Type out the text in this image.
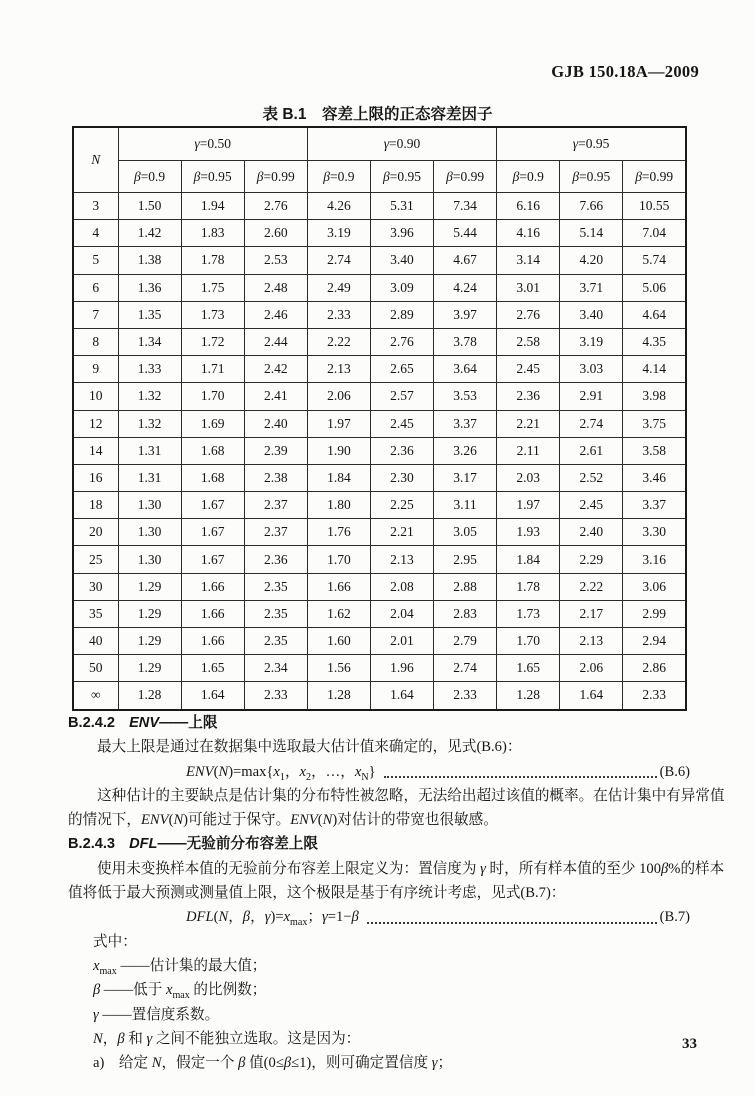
GJB 150.18A—2009
表 B.1　容差上限的正态容差因子
N	γ=0.50			γ=0.90			γ=0.95		
	β=0.9	β=0.95	β=0.99	β=0.9	β=0.95	β=0.99	β=0.9	β=0.95	β=0.99
3	1.50	1.94	2.76	4.26	5.31	7.34	6.16	7.66	10.55
4	1.42	1.83	2.60	3.19	3.96	5.44	4.16	5.14	7.04
5	1.38	1.78	2.53	2.74	3.40	4.67	3.14	4.20	5.74
6	1.36	1.75	2.48	2.49	3.09	4.24	3.01	3.71	5.06
7	1.35	1.73	2.46	2.33	2.89	3.97	2.76	3.40	4.64
8	1.34	1.72	2.44	2.22	2.76	3.78	2.58	3.19	4.35
9	1.33	1.71	2.42	2.13	2.65	3.64	2.45	3.03	4.14
10	1.32	1.70	2.41	2.06	2.57	3.53	2.36	2.91	3.98
12	1.32	1.69	2.40	1.97	2.45	3.37	2.21	2.74	3.75
14	1.31	1.68	2.39	1.90	2.36	3.26	2.11	2.61	3.58
16	1.31	1.68	2.38	1.84	2.30	3.17	2.03	2.52	3.46
18	1.30	1.67	2.37	1.80	2.25	3.11	1.97	2.45	3.37
20	1.30	1.67	2.37	1.76	2.21	3.05	1.93	2.40	3.30
25	1.30	1.67	2.36	1.70	2.13	2.95	1.84	2.29	3.16
30	1.29	1.66	2.35	1.66	2.08	2.88	1.78	2.22	3.06
35	1.29	1.66	2.35	1.62	2.04	2.83	1.73	2.17	2.99
40	1.29	1.66	2.35	1.60	2.01	2.79	1.70	2.13	2.94
50	1.29	1.65	2.34	1.56	1.96	2.74	1.65	2.06	2.86
∞	1.28	1.64	2.33	1.28	1.64	2.33	1.28	1.64	2.33
B.2.4.2 ENV——上限
最大上限是通过在数据集中选取最大估计值来确定的，见式(B.6)：
$ENV(N)=\max\{x_1$，$x_2$，…，$x_N$}	(B.6)
这种估计的主要缺点是估计集的分布特性被忽略，无法给出超过该值的概率。在估计集中有异常值
的情况下，ENV(N)可能过于保守。ENV(N)对估计的带宽也很敏感。
B.2.4.3 DFL——无验前分布容差上限
使用未变换样本值的无验前分布容差上限定义为：置信度为 γ 时，所有样本值的至少 100β%的样本
值将低于最大预测或测量值上限，这个极限是基于有序统计考虑，见式(B.7)：
DFL(N，β，$\gamma)=x_{max}$；γ=1−β	(B.7)
式中：
$x_{max}$ ——估计集的最大值；
β ——低于 $x_{max}$ 的比例数；
γ ——置信度系数。
N，β 和 γ 之间不能独立选取。这是因为：
a)　给定 N，假定一个 β 值(0≤β≤1)，则可确定置信度 γ；
33
